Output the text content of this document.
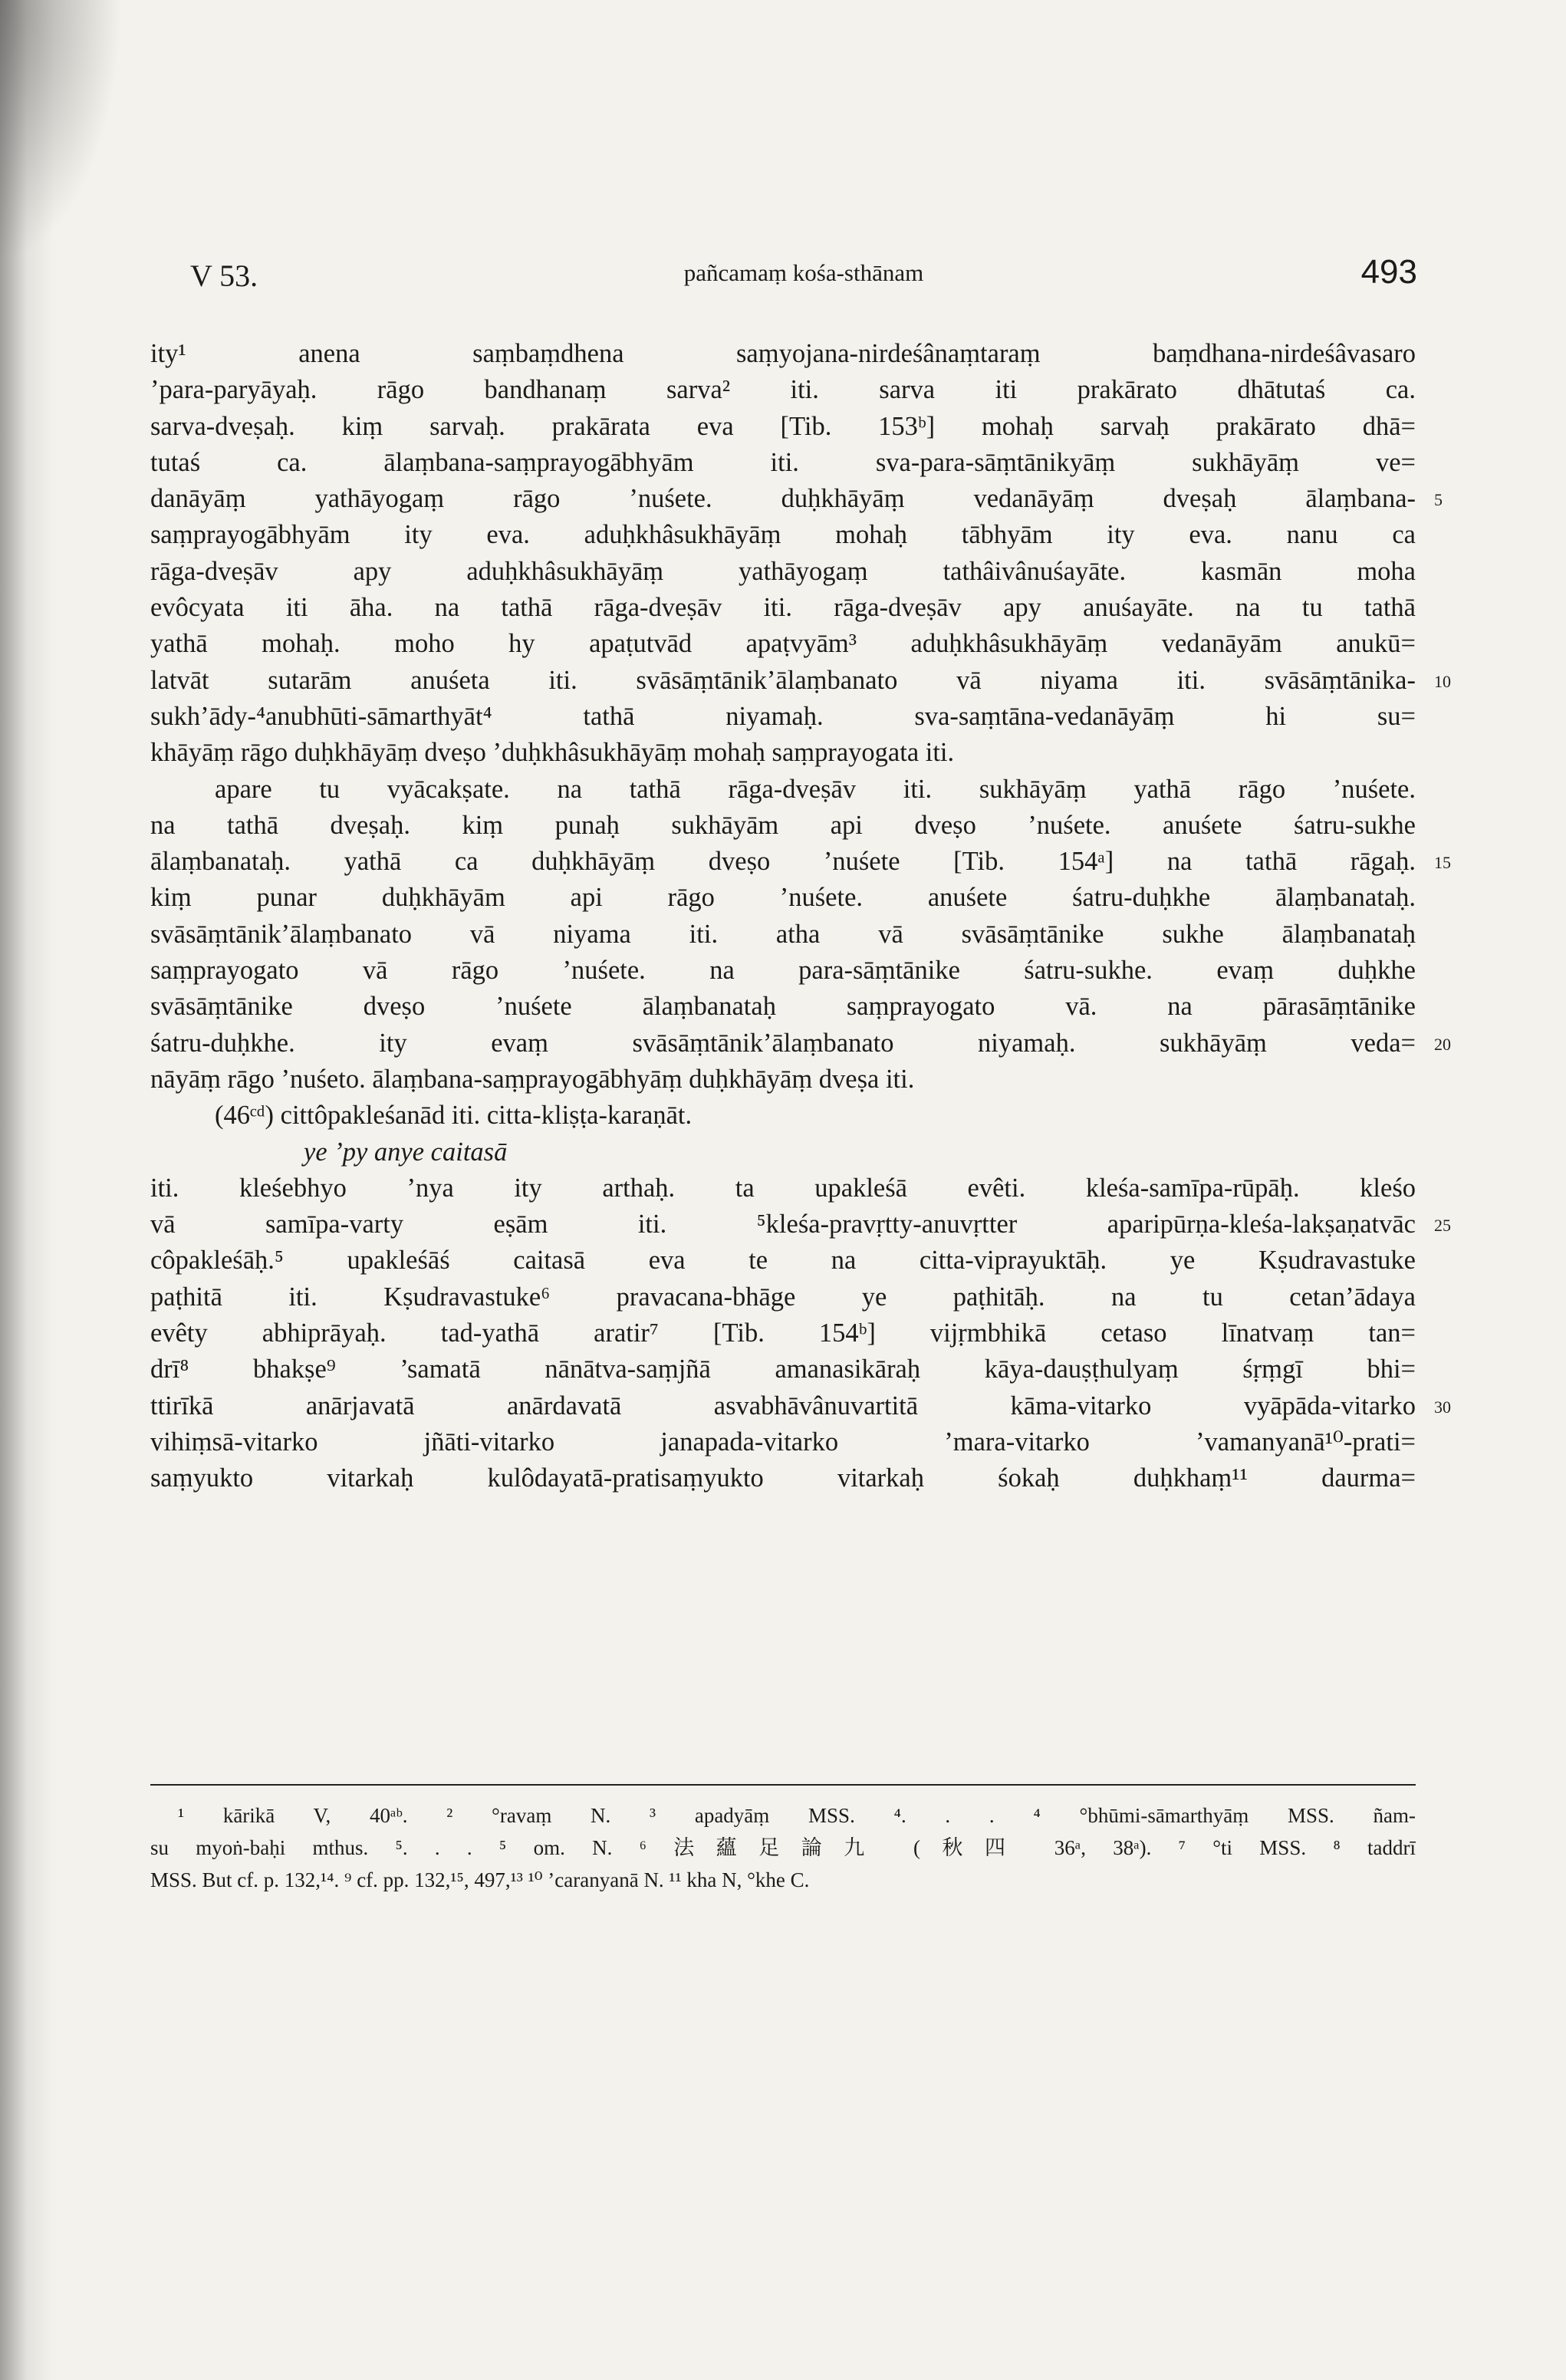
V 53.	pañcamaṃ kośa-sthānam	493
ity¹ anena saṃbaṃdhena saṃyojana-nirdeśânaṃtaraṃ baṃdhana-nirdeśâvasaro
’para-paryāyaḥ. rāgo bandhanaṃ sarva² iti. sarva iti prakārato dhātutaś ca.
sarva-dveṣaḥ. kiṃ sarvaḥ. prakārata eva [Tib. 153ᵇ] mohaḥ sarvaḥ prakārato dhā=
tutaś ca. ālaṃbana-saṃprayogābhyām iti. sva-para-sāṃtānikyāṃ sukhāyāṃ ve=
danāyāṃ yathāyogaṃ rāgo ’nuśete. duḥkhāyāṃ vedanāyāṃ dveṣaḥ ālaṃbana-
saṃprayogābhyām ity eva. aduḥkhâsukhāyāṃ mohaḥ tābhyām ity eva. nanu ca
rāga-dveṣāv apy aduḥkhâsukhāyāṃ yathāyogaṃ tathâivânuśayāte. kasmān moha
evôcyata iti āha. na tathā rāga-dveṣāv iti. rāga-dveṣāv apy anuśayāte. na tu tathā
yathā mohaḥ. moho hy apaṭutvād apaṭvyām³ aduḥkhâsukhāyāṃ vedanāyām anukū=
latvāt sutarām anuśeta iti. svāsāṃtānik’ālaṃbanato vā niyama iti. svāsāṃtānika-
sukh’ādy-⁴anubhūti-sāmarthyāt⁴ tathā niyamaḥ. sva-saṃtāna-vedanāyāṃ hi su=
khāyāṃ rāgo duḥkhāyāṃ dveṣo ’duḥkhâsukhāyāṃ mohaḥ saṃprayogata iti.
apare tu vyācakṣate. na tathā rāga-dveṣāv iti. sukhāyāṃ yathā rāgo ’nuśete.
na tathā dveṣaḥ. kiṃ punaḥ sukhāyām api dveṣo ’nuśete. anuśete śatru-sukhe
ālaṃbanataḥ. yathā ca duḥkhāyāṃ dveṣo ’nuśete [Tib. 154ᵃ] na tathā rāgaḥ.
kiṃ punar duḥkhāyām api rāgo ’nuśete. anuśete śatru-duḥkhe ālaṃbanataḥ.
svāsāṃtānik’ālaṃbanato vā niyama iti. atha vā svāsāṃtānike sukhe ālaṃbanataḥ
saṃprayogato vā rāgo ’nuśete. na para-sāṃtānike śatru-sukhe. evaṃ duḥkhe
svāsāṃtānike dveṣo ’nuśete ālaṃbanataḥ saṃprayogato vā. na pārasāṃtānike
śatru-duḥkhe. ity evaṃ svāsāṃtānik’ālaṃbanato niyamaḥ. sukhāyāṃ veda=
nāyāṃ rāgo ’nuśeto. ālaṃbana-saṃprayogābhyāṃ duḥkhāyāṃ dveṣa iti.
(46ᶜᵈ) cittôpakleśanād iti. citta-kliṣṭa-karaṇāt.
ye ’py anye caitasā
iti. kleśebhyo ’nya ity arthaḥ. ta upakleśā evêti. kleśa-samīpa-rūpāḥ. kleśo
vā samīpa-varty eṣām iti. ⁵kleśa-pravṛtty-anuvṛtter aparipūrṇa-kleśa-lakṣaṇatvāc
côpakleśāḥ.⁵ upakleśāś caitasā eva te na citta-viprayuktāḥ. ye Kṣudravastuke
paṭhitā iti. Kṣudravastuke⁶ pravacana-bhāge ye paṭhitāḥ. na tu cetan’ādaya
evêty abhiprāyaḥ. tad-yathā aratir⁷ [Tib. 154ᵇ] vijṛmbhikā cetaso līnatvaṃ tan=
drī⁸ bhakṣe⁹ ’samatā nānātva-saṃjñā amanasikāraḥ kāya-dauṣṭhulyaṃ śṛṃgī bhi=
ttirīkā anārjavatā anārdavatā asvabhāvânuvartitā kāma-vitarko vyāpāda-vitarko
vihiṃsā-vitarko jñāti-vitarko janapada-vitarko ’mara-vitarko ’vamanyanā¹⁰-prati=
saṃyukto vitarkaḥ kulôdayatā-pratisaṃyukto vitarkaḥ śokaḥ duḥkhaṃ¹¹ daurma=
¹ kārikā V, 40ᵃᵇ. ² °ravaṃ N. ³ apadyāṃ MSS. ⁴. . . ⁴ °bhūmi-sāmarthyāṃ MSS. ñam-
su myoṅ-baḥi mthus. ⁵. . . ⁵ om. N. ⁶ 法蘊足論九 (秋四 36ᵃ, 38ᵃ). ⁷ °ti MSS. ⁸ taddrī
MSS. But cf. p. 132,¹⁴. ⁹ cf. pp. 132,¹⁵, 497,¹³ ¹⁰ ’caranyanā N. ¹¹ kha N, °khe C.
5
10
15
20
25
30
